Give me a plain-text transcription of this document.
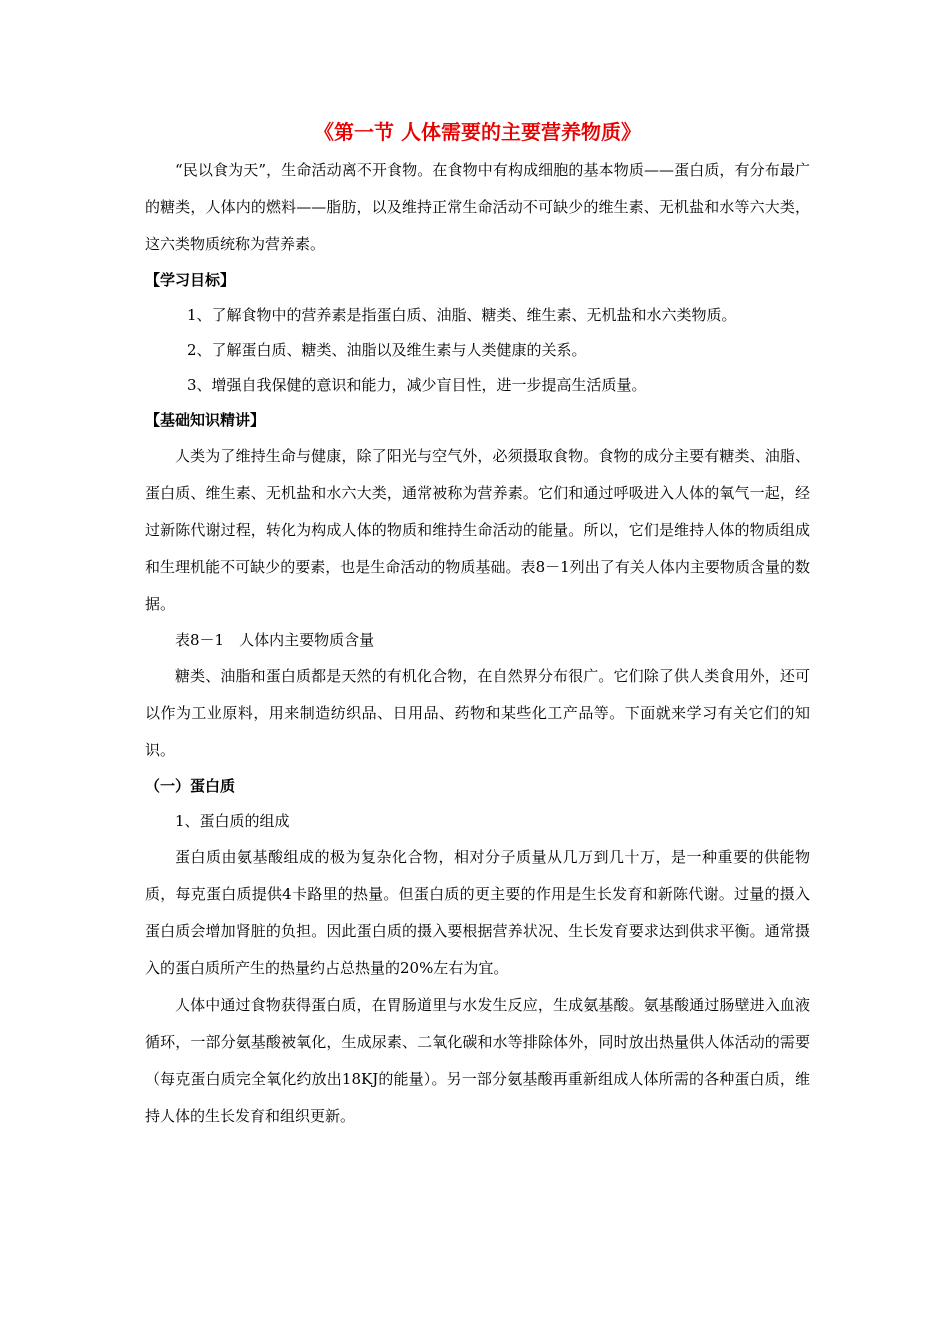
《第一节 人体需要的主要营养物质》

“民以食为天”，生命活动离不开食物。在食物中有构成细胞的基本物质——蛋白质，有分布最广的糖类，人体内的燃料——脂肪，以及维持正常生命活动不可缺少的维生素、无机盐和水等六大类，这六类物质统称为营养素。

【学习目标】

1、了解食物中的营养素是指蛋白质、油脂、糖类、维生素、无机盐和水六类物质。

2、了解蛋白质、糖类、油脂以及维生素与人类健康的关系。

3、增强自我保健的意识和能力，减少盲目性，进一步提高生活质量。

【基础知识精讲】

人类为了维持生命与健康，除了阳光与空气外，必须摄取食物。食物的成分主要有糖类、油脂、蛋白质、维生素、无机盐和水六大类，通常被称为营养素。它们和通过呼吸进入人体的氧气一起，经过新陈代谢过程，转化为构成人体的物质和维持生命活动的能量。所以，它们是维持人体的物质组成和生理机能不可缺少的要素，也是生命活动的物质基础。表8－1列出了有关人体内主要物质含量的数据。

表8－1　人体内主要物质含量

糖类、油脂和蛋白质都是天然的有机化合物，在自然界分布很广。它们除了供人类食用外，还可以作为工业原料，用来制造纺织品、日用品、药物和某些化工产品等。下面就来学习有关它们的知识。

（一）蛋白质

1、蛋白质的组成

蛋白质由氨基酸组成的极为复杂化合物，相对分子质量从几万到几十万，是一种重要的供能物质，每克蛋白质提供4卡路里的热量。但蛋白质的更主要的作用是生长发育和新陈代谢。过量的摄入蛋白质会增加肾脏的负担。因此蛋白质的摄入要根据营养状况、生长发育要求达到供求平衡。通常摄入的蛋白质所产生的热量约占总热量的20%左右为宜。

人体中通过食物获得蛋白质，在胃肠道里与水发生反应，生成氨基酸。氨基酸通过肠壁进入血液循环，一部分氨基酸被氧化，生成尿素、二氧化碳和水等排除体外，同时放出热量供人体活动的需要（每克蛋白质完全氧化约放出18KJ的能量）。另一部分氨基酸再重新组成人体所需的各种蛋白质，维持人体的生长发育和组织更新。
